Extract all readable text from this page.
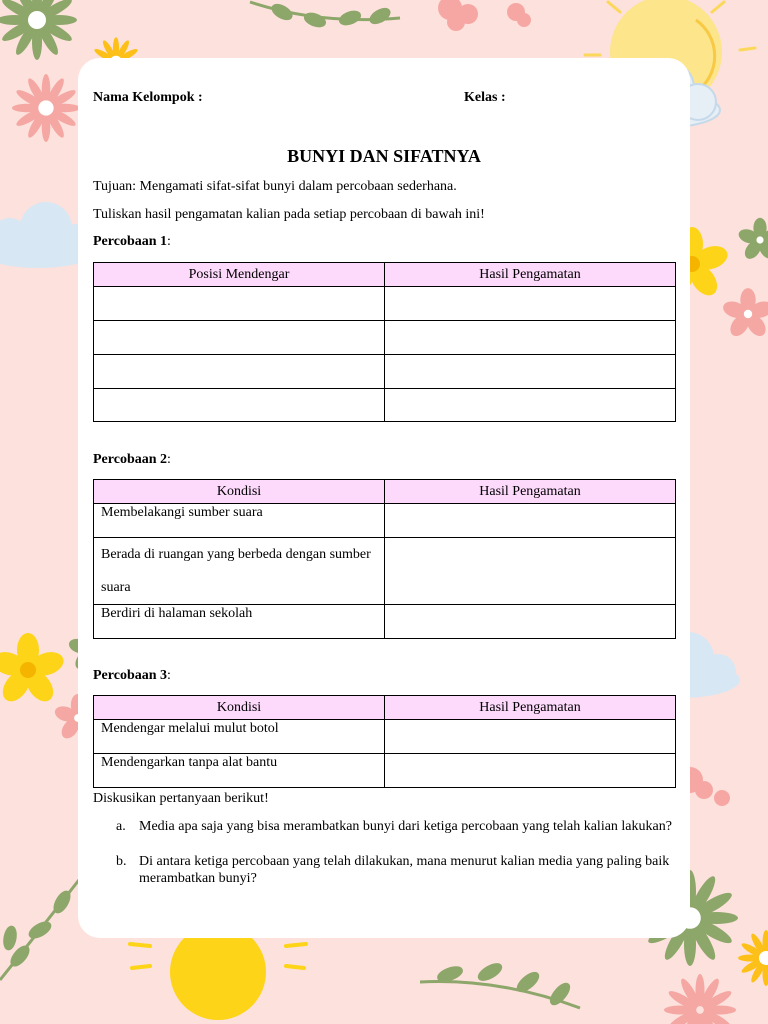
Nama Kelompok :	Kelas :
BUNYI DAN SIFATNYA
Tujuan: Mengamati sifat-sifat bunyi dalam percobaan sederhana.
Tuliskan hasil pengamatan kalian pada setiap percobaan di bawah ini!
Percobaan 1:
Posisi Mendengar	Hasil Pengamatan

Percobaan 2:
Kondisi	Hasil Pengamatan
Membelakangi sumber suara	
Berada di ruangan yang berbeda dengan sumber suara	
Berdiri di halaman sekolah	
Percobaan 3:
Kondisi	Hasil Pengamatan
Mendengar melalui mulut botol	
Mendengarkan tanpa alat bantu	
Diskusikan pertanyaan berikut!
a. Media apa saja yang bisa merambatkan bunyi dari ketiga percobaan yang telah kalian lakukan?
b. Di antara ketiga percobaan yang telah dilakukan, mana menurut kalian media yang paling baik merambatkan bunyi?
